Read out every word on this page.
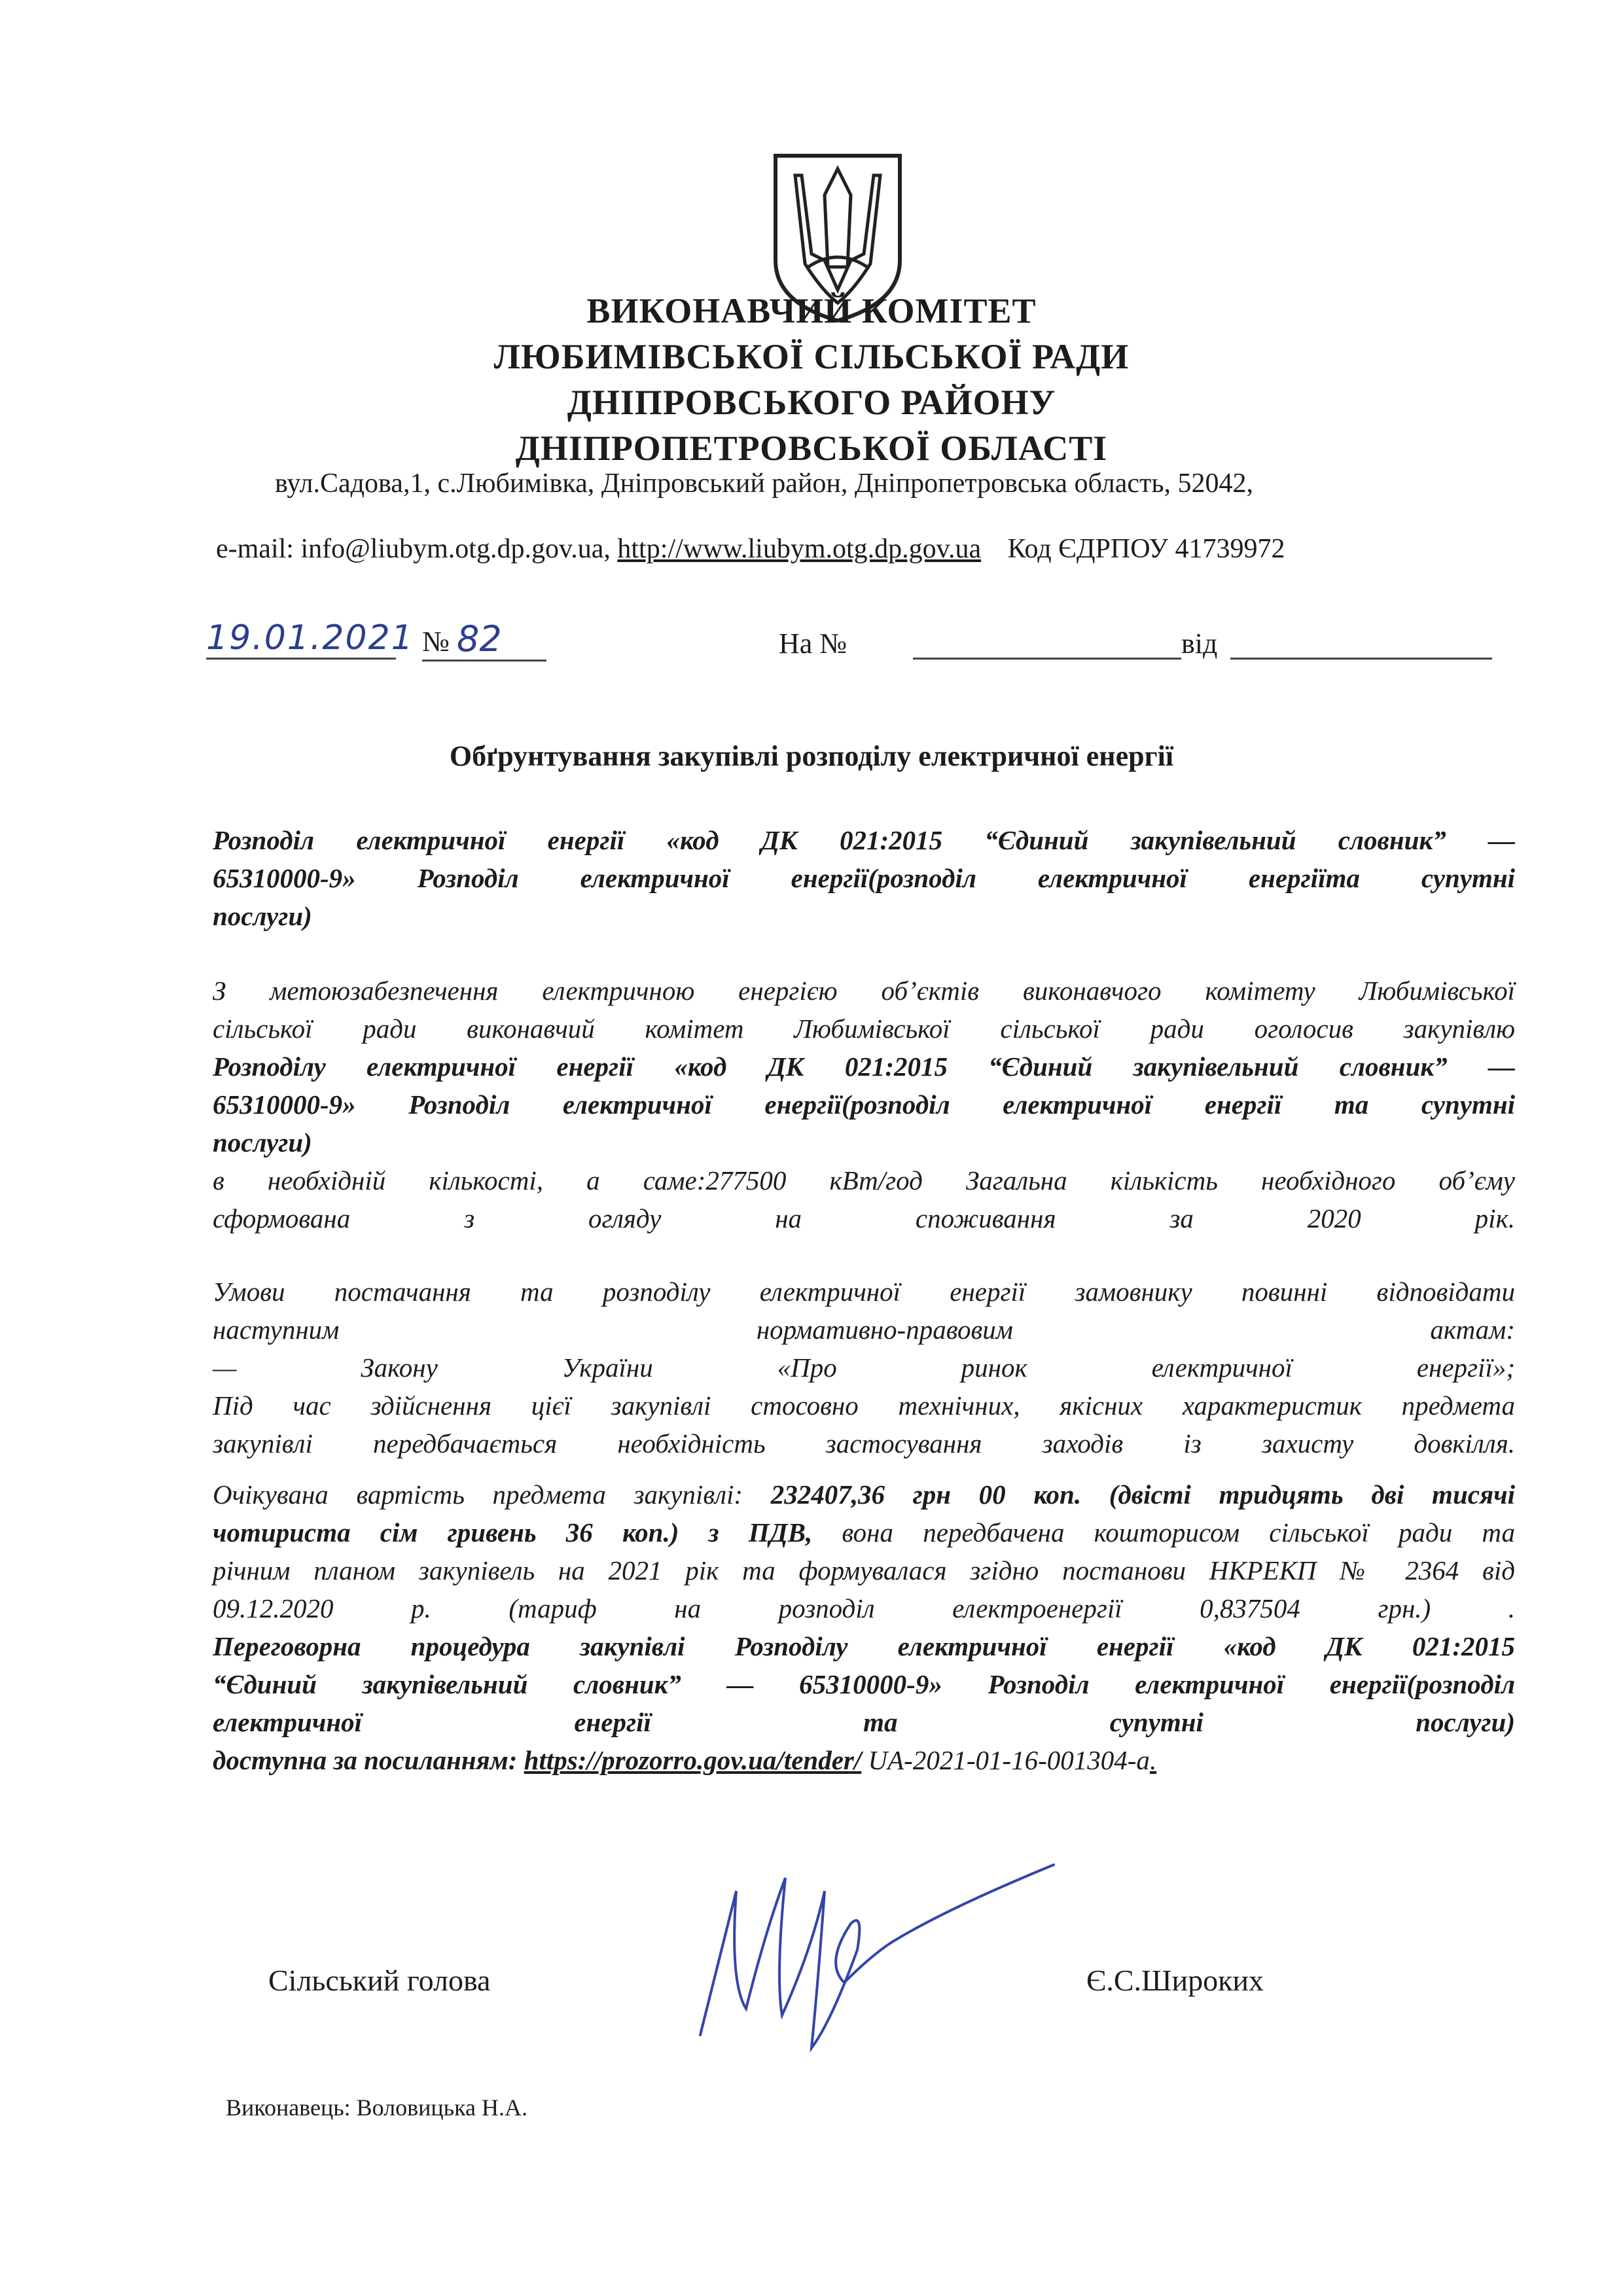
ВИКОНАВЧИЙ КОМІТЕТ
ЛЮБИМІВСЬКОЇ СІЛЬСЬКОЇ РАДИ
ДНІПРОВСЬКОГО РАЙОНУ
ДНІПРОПЕТРОВСЬКОЇ ОБЛАСТІ
вул.Садова,1, с.Любимівка, Дніпровський район, Дніпропетровська область, 52042,
e-mail: info@liubym.otg.dp.gov.ua, http://www.liubym.otg.dp.gov.ua Код ЄДРПОУ 41739972
19.01.2021 № 82	На №	від
Обґрунтування закупівлі розподілу електричної енергії
Розподіл електричної енергії «код ДК 021:2015 “Єдиний закупівельний словник” —
65310000-9» Розподіл електричної енергії(розподіл електричної енергіїта супутні
послуги)
З метоюзабезпечення електричною енергією об’єктів виконавчого комітету Любимівської
сільської ради виконавчий комітет Любимівської сільської ради оголосив закупівлю
Розподілу електричної енергії «код ДК 021:2015 “Єдиний закупівельний словник” —
65310000-9» Розподіл електричної енергії(розподіл електричної енергії та супутні
послуги)
в необхідній кількості, а саме:277500 кВт/год Загальна кількість необхідного об’єму
сформована з огляду на споживання за 2020 рік.
Умови постачання та розподілу електричної енергії замовнику повинні відповідати
наступним нормативно-правовим актам:
— Закону України «Про ринок електричної енергії»;
Під час здійснення цієї закупівлі стосовно технічних, якісних характеристик предмета
закупівлі передбачається необхідність застосування заходів із захисту довкілля.
Очікувана вартість предмета закупівлі: 232407,36 грн 00 коп. (двісті тридцять дві тисячі
чотириста сім гривень 36 коп.) з ПДВ, вона передбачена кошторисом сільської ради та
річним планом закупівель на 2021 рік та формувалася згідно постанови НКРЕКП № 2364 від
09.12.2020 р. (тариф на розподіл електроенергії 0,837504 грн.) .
Переговорна процедура закупівлі Розподілу електричної енергії «код ДК 021:2015
“Єдиний закупівельний словник” — 65310000-9» Розподіл електричної енергії(розподіл
електричної енергії та супутні послуги)
доступна за посиланням: https://prozorro.gov.ua/tender/ UA-2021-01-16-001304-a.
Сільський голова	Є.С.Широких
Виконавець: Воловицька Н.А.
